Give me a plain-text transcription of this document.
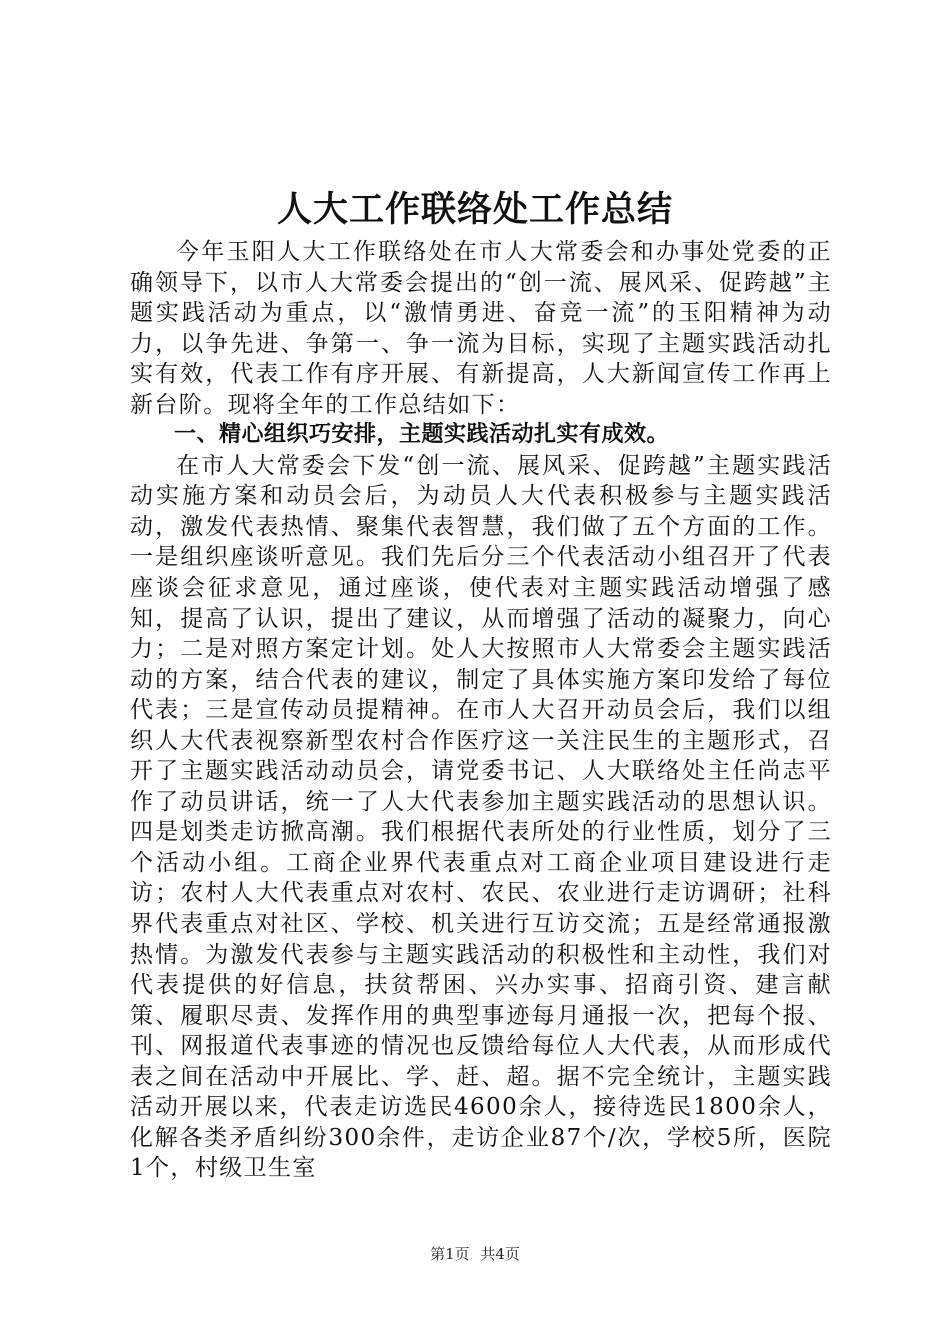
人大工作联络处工作总结

今年玉阳人大工作联络处在市人大常委会和办事处党委的正确领导下，以市人大常委会提出的“创一流、展风采、促跨越”主题实践活动为重点，以“激情勇进、奋竞一流”的玉阳精神为动力，以争先进、争第一、争一流为目标，实现了主题实践活动扎实有效，代表工作有序开展、有新提高，人大新闻宣传工作再上新台阶。现将全年的工作总结如下：

一、精心组织巧安排，主题实践活动扎实有成效。

在市人大常委会下发“创一流、展风采、促跨越”主题实践活动实施方案和动员会后，为动员人大代表积极参与主题实践活动，激发代表热情、聚集代表智慧，我们做了五个方面的工作。一是组织座谈听意见。我们先后分三个代表活动小组召开了代表座谈会征求意见，通过座谈，使代表对主题实践活动增强了感知，提高了认识，提出了建议，从而增强了活动的凝聚力，向心力；二是对照方案定计划。处人大按照市人大常委会主题实践活动的方案，结合代表的建议，制定了具体实施方案印发给了每位代表；三是宣传动员提精神。在市人大召开动员会后，我们以组织人大代表视察新型农村合作医疗这一关注民生的主题形式，召开了主题实践活动动员会，请党委书记、人大联络处主任尚志平作了动员讲话，统一了人大代表参加主题实践活动的思想认识。四是划类走访掀高潮。我们根据代表所处的行业性质，划分了三个活动小组。工商企业界代表重点对工商企业项目建设进行走访；农村人大代表重点对农村、农民、农业进行走访调研；社科界代表重点对社区、学校、机关进行互访交流；五是经常通报激热情。为激发代表参与主题实践活动的积极性和主动性，我们对代表提供的好信息，扶贫帮困、兴办实事、招商引资、建言献策、履职尽责、发挥作用的典型事迹每月通报一次，把每个报、刊、网报道代表事迹的情况也反馈给每位人大代表，从而形成代表之间在活动中开展比、学、赶、超。据不完全统计，主题实践活动开展以来，代表走访选民4600余人，接待选民1800余人，化解各类矛盾纠纷300余件，走访企业87个/次，学校5所，医院1个，村级卫生室

第1页 共4页
